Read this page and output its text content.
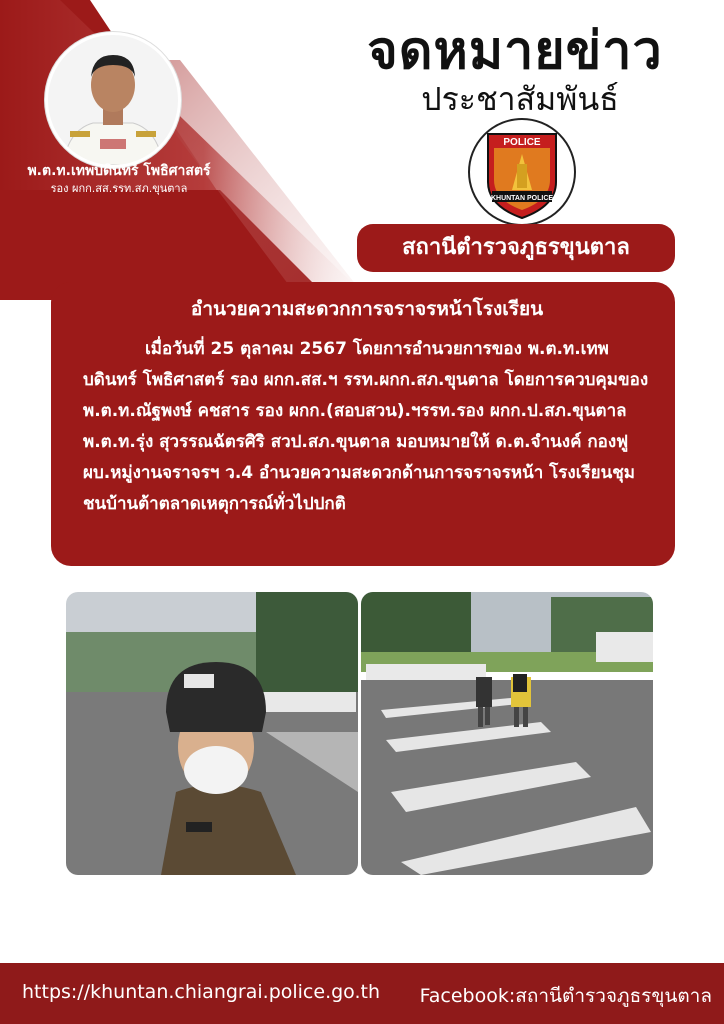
พ.ต.ท.เทพบดินทร์ โพธิศาสตร์
รอง ผกก.สส.รรท.สภ.ขุนตาล
จดหมายข่าว
ประชาสัมพันธ์
POLICE
KHUNTAN POLICE
สถานีตำรวจภูธรขุนตาล
อำนวยความสะดวกการจราจรหน้าโรงเรียน
เมื่อวันที่ 25 ตุลาคม 2567 โดยการอำนวยการของ พ.ต.ท.เทพบดินทร์ โพธิศาสตร์ รอง ผกก.สส.ฯ รรท.ผกก.สภ.ขุนตาล โดยการควบคุมของ พ.ต.ท.ณัฐพงษ์ คชสาร รอง ผกก.(สอบสวน).ฯรรท.รอง ผกก.ป.สภ.ขุนตาล พ.ต.ท.รุ่ง สุวรรณฉัตรศิริ สวป.สภ.ขุนตาล มอบหมายให้ ด.ต.จำนงค์ กองฟู ผบ.หมู่งานจราจรฯ ว.4 อำนวยความสะดวกด้านการจราจรหน้า โรงเรียนชุมชนบ้านต้าตลาดเหตุการณ์ทั่วไปปกติ
https://khuntan.chiangrai.police.go.th Facebook:สถานีตำรวจภูธรขุนตาล
